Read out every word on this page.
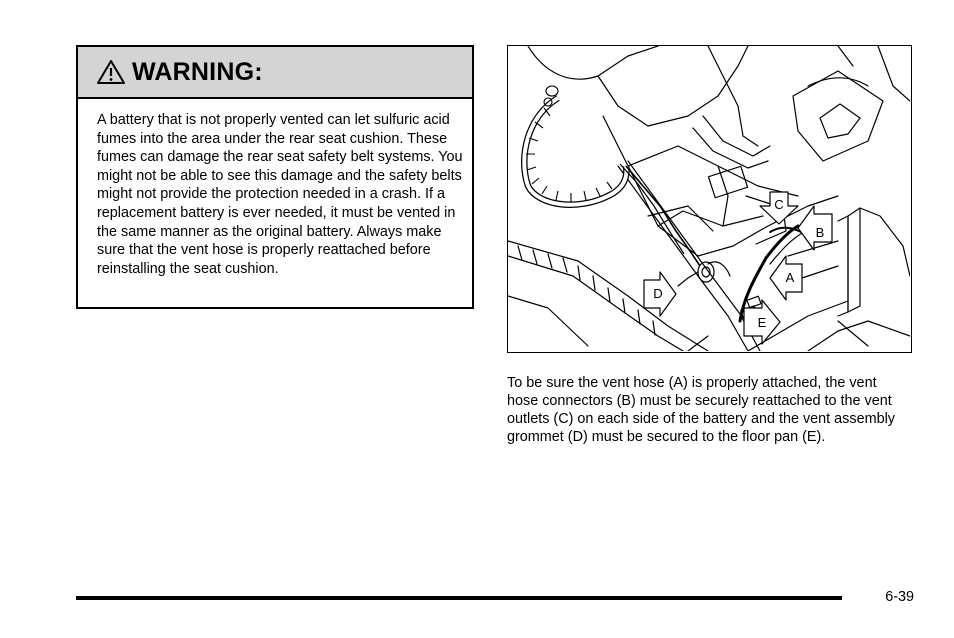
WARNING:
A battery that is not properly vented can let sulfuric acid fumes into the area under the rear seat cushion. These fumes can damage the rear seat safety belt systems. You might not be able to see this damage and the safety belts might not provide the protection needed in a crash. If a replacement battery is ever needed, it must be vented in the same manner as the original battery. Always make sure that the vent hose is properly reattached before reinstalling the seat cushion.
C
B
A
D
E
To be sure the vent hose (A) is properly attached, the vent hose connectors (B) must be securely reattached to the vent outlets (C) on each side of the battery and the vent assembly grommet (D) must be secured to the floor pan (E).
6-39
